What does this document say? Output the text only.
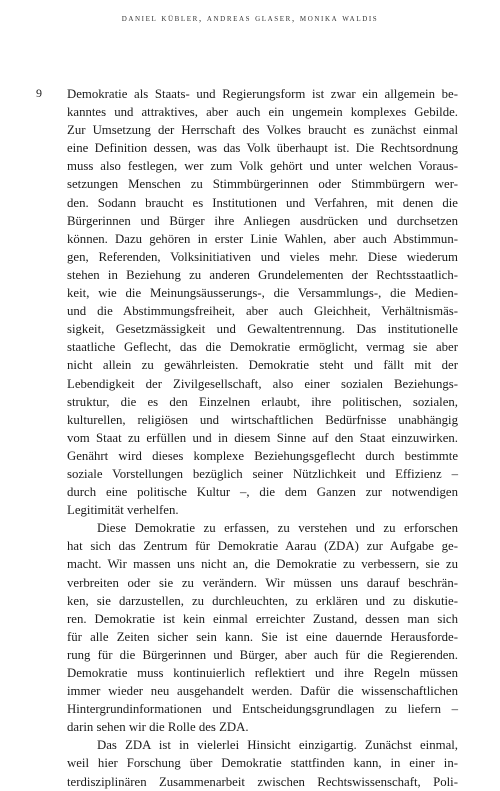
daniel kübler, andreas glaser, monika waldis
9 Demokratie als Staats- und Regierungsform ist zwar ein allgemein be-
kanntes und attraktives, aber auch ein ungemein komplexes Gebilde.
Zur Umsetzung der Herrschaft des Volkes braucht es zunächst einmal
eine Definition dessen, was das Volk überhaupt ist. Die Rechtsordnung
muss also festlegen, wer zum Volk gehört und unter welchen Voraus-
setzungen Menschen zu Stimmbürgerinnen oder Stimmbürgern wer-
den. Sodann braucht es Institutionen und Verfahren, mit denen die
Bürgerinnen und Bürger ihre Anliegen ausdrücken und durchsetzen
können. Dazu gehören in erster Linie Wahlen, aber auch Abstimmun-
gen, Referenden, Volksinitiativen und vieles mehr. Diese wiederum
stehen in Beziehung zu anderen Grundelementen der Rechtsstaatlich-
keit, wie die Meinungsäusserungs-, die Versammlungs-, die Medien-
und die Abstimmungsfreiheit, aber auch Gleichheit, Verhältnismäs-
sigkeit, Gesetzmässigkeit und Gewaltentrennung. Das institutionelle
staatliche Geflecht, das die Demokratie ermöglicht, vermag sie aber
nicht allein zu gewährleisten. Demokratie steht und fällt mit der
Lebendigkeit der Zivilgesellschaft, also einer sozialen Beziehungs-
struktur, die es den Einzelnen erlaubt, ihre politischen, sozialen,
kulturellen, religiösen und wirtschaftlichen Bedürfnisse unabhängig
vom Staat zu erfüllen und in diesem Sinne auf den Staat einzuwirken.
Genährt wird dieses komplexe Beziehungsgeflecht durch bestimmte
soziale Vorstellungen bezüglich seiner Nützlichkeit und Effizienz –
durch eine politische Kultur –, die dem Ganzen zur notwendigen
Legitimität verhelfen.
Diese Demokratie zu erfassen, zu verstehen und zu erforschen
hat sich das Zentrum für Demokratie Aarau (ZDA) zur Aufgabe ge-
macht. Wir massen uns nicht an, die Demokratie zu verbessern, sie zu
verbreiten oder sie zu verändern. Wir müssen uns darauf beschrän-
ken, sie darzustellen, zu durchleuchten, zu erklären und zu diskutie-
ren. Demokratie ist kein einmal erreichter Zustand, dessen man sich
für alle Zeiten sicher sein kann. Sie ist eine dauernde Herausforde-
rung für die Bürgerinnen und Bürger, aber auch für die Regierenden.
Demokratie muss kontinuierlich reflektiert und ihre Regeln müssen
immer wieder neu ausgehandelt werden. Dafür die wissenschaftlichen
Hintergrundinformationen und Entscheidungsgrundlagen zu liefern –
darin sehen wir die Rolle des ZDA.
Das ZDA ist in vielerlei Hinsicht einzigartig. Zunächst einmal,
weil hier Forschung über Demokratie stattfinden kann, in einer in-
terdisziplinären Zusammenarbeit zwischen Rechtswissenschaft, Poli-
